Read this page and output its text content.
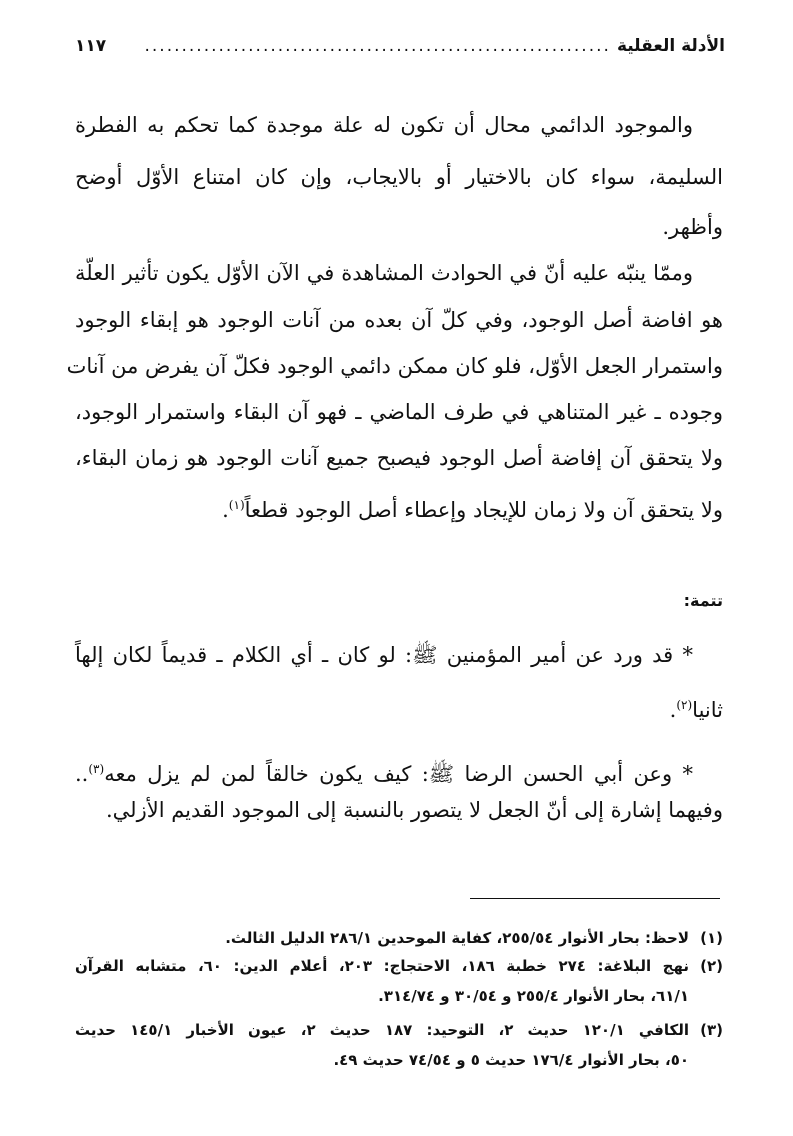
الأدلة العقلية
...............................................................
١١٧
والموجود الدائمي محال أن تكون له علة موجدة كما تحكم به الفطرة
السليمة، سواء كان بالاختيار أو بالايجاب، وإن كان امتناع الأوّل أوضح
وأظهر.
وممّا ينبّه عليه أنّ في الحوادث المشاهدة في الآن الأوّل يكون تأثير العلّة
هو افاضة أصل الوجود، وفي كلّ آن بعده من آنات الوجود هو إبقاء الوجود
واستمرار الجعل الأوّل، فلو كان ممكن دائمي الوجود فكلّ آن يفرض من آنات
وجوده ـ غير المتناهي في طرف الماضي ـ فهو آن البقاء واستمرار الوجود،
ولا يتحقق آن إفاضة أصل الوجود فيصبح جميع آنات الوجود هو زمان البقاء،
ولا يتحقق آن ولا زمان للإيجاد وإعطاء أصل الوجود قطعاً$^{(١)}$.
تتمة:
* قد ورد عن أمير المؤمنين ﷺ: لو كان ـ أي الكلام ـ قديماً لكان إلهاً
ثانيا$^{(٢)}$.
* وعن أبي الحسن الرضا ﷺ: كيف يكون خالقاً لمن لم يزل معه$^{(٣)}$..
وفيهما إشارة إلى أنّ الجعل لا يتصور بالنسبة إلى الموجود القديم الأزلي.
(١)لاحظ: بحار الأنوار ٢٥٥/٥٤، كفاية الموحدين ٢٨٦/١ الدليل الثالث.
(٢)نهج البلاغة: ٢٧٤ خطبة ١٨٦، الاحتجاج: ٢٠٣، أعلام الدين: ٦٠، متشابه القرآن
٦١/١، بحار الأنوار ٢٥٥/٤ و ٣٠/٥٤ و ٣١٤/٧٤.
(٣)الكافي ١٢٠/١ حديث ٢، التوحيد: ١٨٧ حديث ٢، عيون الأخبار ١٤٥/١ حديث
٥٠، بحار الأنوار ١٧٦/٤ حديث ٥ و ٧٤/٥٤ حديث ٤٩.
